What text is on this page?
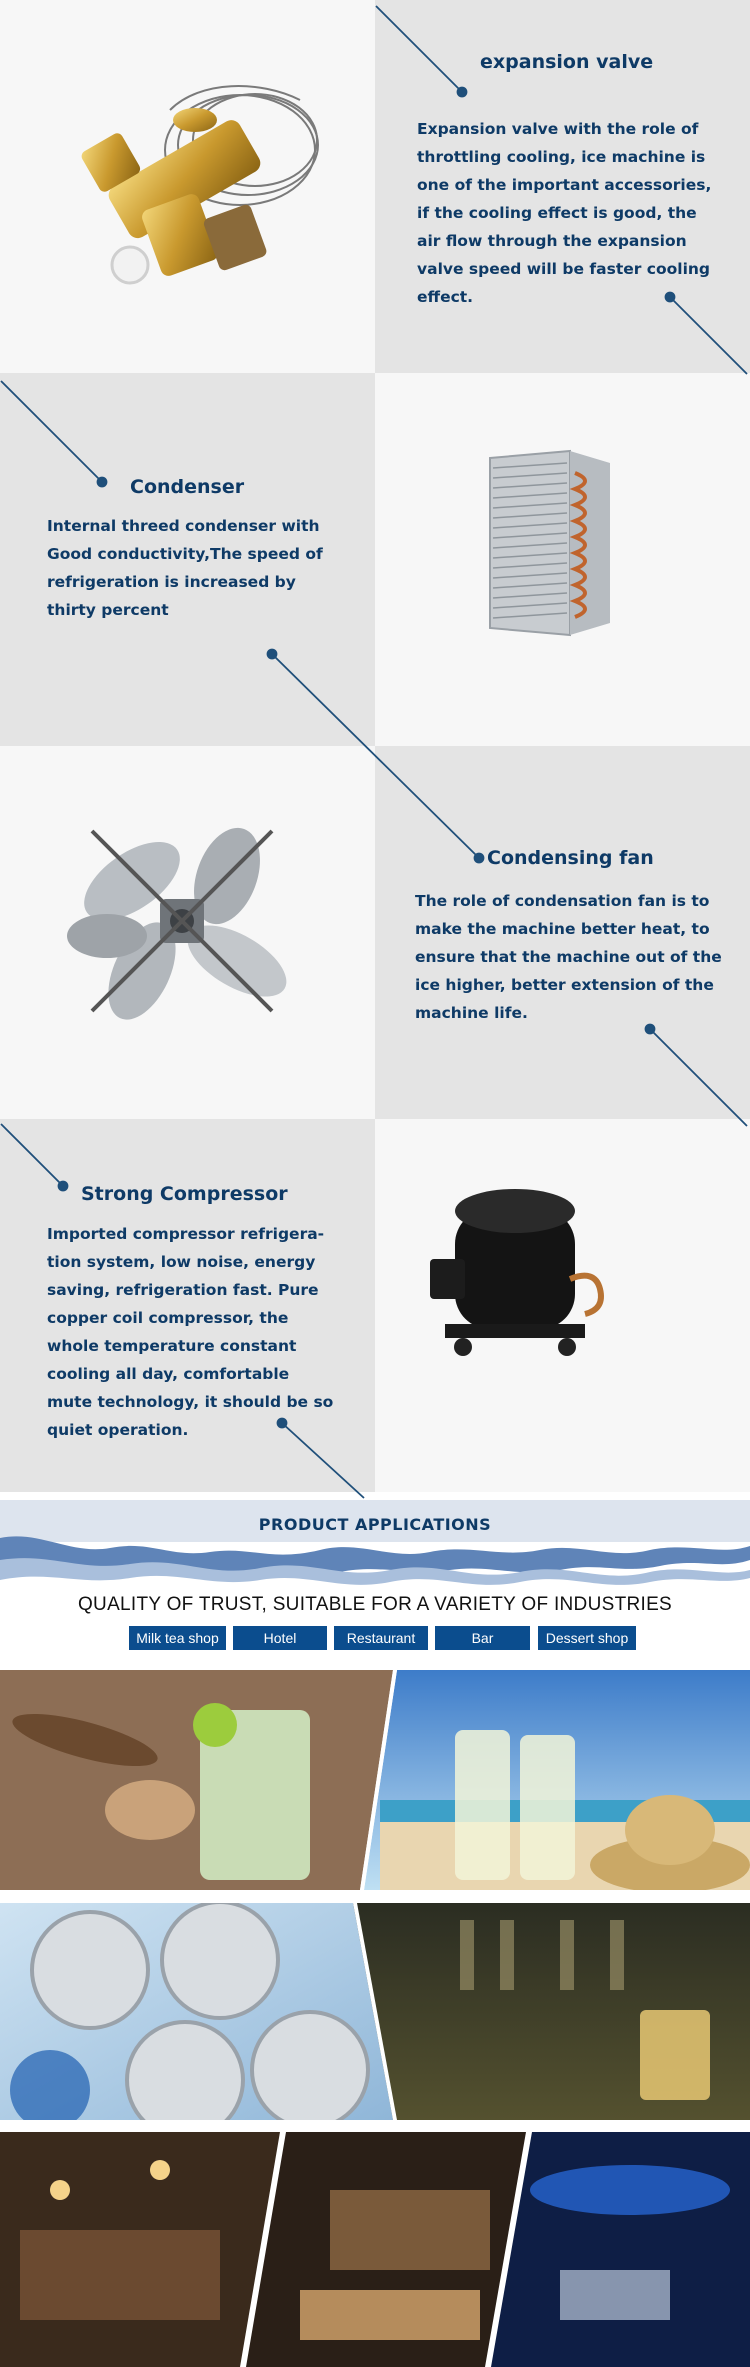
expansion valve
Expansion valve with the role of
throttling cooling, ice machine is
one of the important accessories,
if the cooling effect is good, the
air flow through the expansion
valve speed will be faster cooling
effect.
Condenser
Internal threed condenser with
Good conductivity,The speed of
refrigeration is increased by
thirty percent
Condensing fan
The role of condensation fan is to
make the machine better heat, to
ensure that the machine out of the
ice higher, better extension of the
machine life.
Strong Compressor
Imported compressor refrigera-
tion system, low noise, energy
saving, refrigeration fast. Pure
copper coil compressor, the
whole temperature constant
cooling all day, comfortable
mute technology, it should be so
quiet operation.
PRODUCT APPLICATIONS
QUALITY OF TRUST, SUITABLE FOR A VARIETY OF INDUSTRIES
Milk tea shop	Hotel	Restaurant	Bar	Dessert shop
